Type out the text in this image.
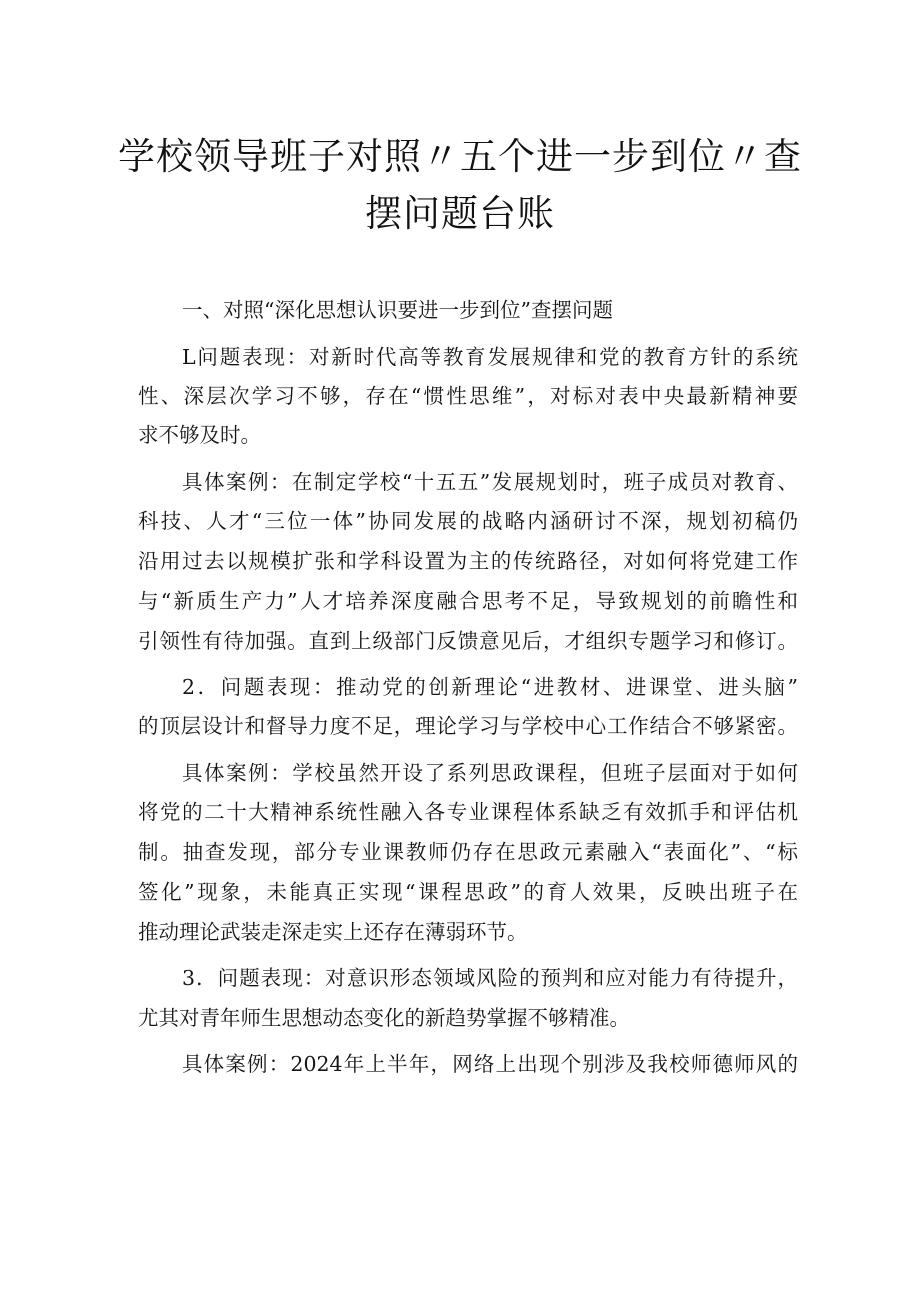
学校领导班子对照〃五个进一步到位〃查
摆问题台账
一、对照“深化思想认识要进一步到位”查摆问题
L问题表现：对新时代高等教育发展规律和党的教育方针的系统
性、深层次学习不够，存在“惯性思维”，对标对表中央最新精神要
求不够及时。
具体案例：在制定学校“十五五”发展规划时，班子成员对教育、
科技、人才“三位一体”协同发展的战略内涵研讨不深，规划初稿仍
沿用过去以规模扩张和学科设置为主的传统路径，对如何将党建工作
与“新质生产力”人才培养深度融合思考不足，导致规划的前瞻性和
引领性有待加强。直到上级部门反馈意见后，才组织专题学习和修订。
2．问题表现：推动党的创新理论“进教材、进课堂、进头脑”
的顶层设计和督导力度不足，理论学习与学校中心工作结合不够紧密。
具体案例：学校虽然开设了系列思政课程，但班子层面对于如何
将党的二十大精神系统性融入各专业课程体系缺乏有效抓手和评估机
制。抽查发现，部分专业课教师仍存在思政元素融入“表面化”、“标
签化”现象，未能真正实现“课程思政”的育人效果，反映出班子在
推动理论武装走深走实上还存在薄弱环节。
3．问题表现：对意识形态领域风险的预判和应对能力有待提升，
尤其对青年师生思想动态变化的新趋势掌握不够精准。
具体案例：2024年上半年，网络上出现个别涉及我校师德师风的
